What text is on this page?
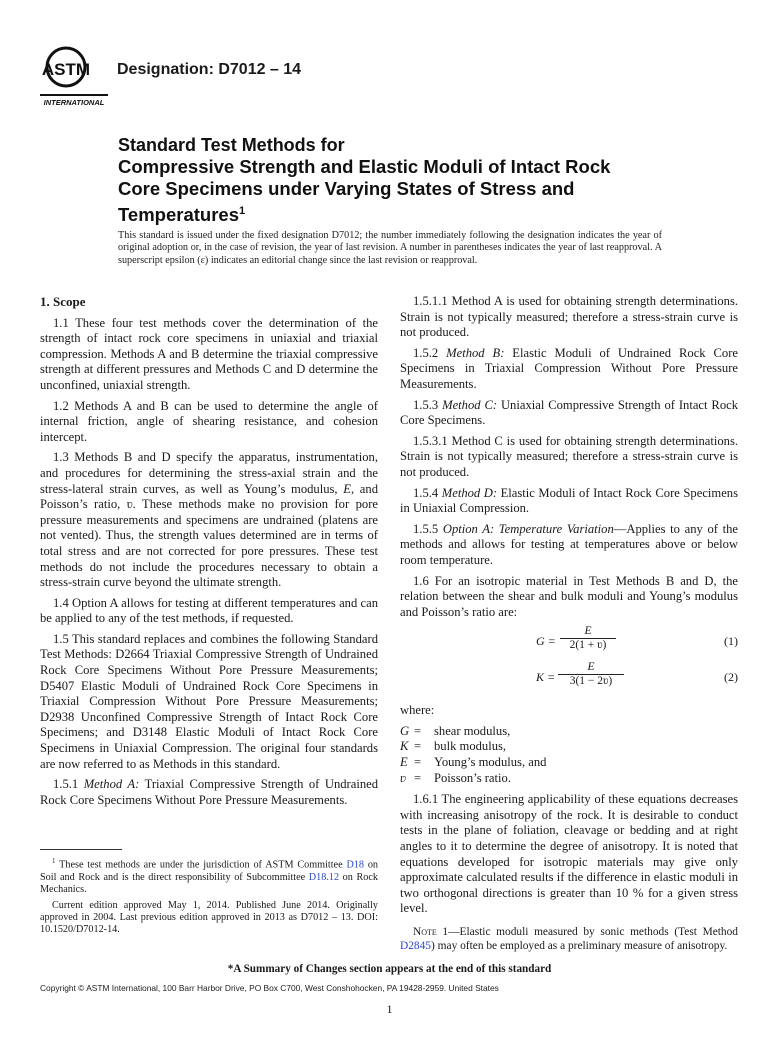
ASTM
INTERNATIONAL
Designation: D7012 – 14
Standard Test Methods for
Compressive Strength and Elastic Moduli of Intact Rock
Core Specimens under Varying States of Stress and
Temperatures$^1$
This standard is issued under the fixed designation D7012; the number immediately following the designation indicates the year of original adoption or, in the case of revision, the year of last revision. A number in parentheses indicates the year of last reapproval. A superscript epsilon (ε) indicates an editorial change since the last revision or reapproval.
1. Scope

1.1 These four test methods cover the determination of the strength of intact rock core specimens in uniaxial and triaxial compression. Methods A and B determine the triaxial compressive strength at different pressures and Methods C and D determine the unconfined, uniaxial strength.

1.2 Methods A and B can be used to determine the angle of internal friction, angle of shearing resistance, and cohesion intercept.

1.3 Methods B and D specify the apparatus, instrumentation, and procedures for determining the stress-axial strain and the stress-lateral strain curves, as well as Young’s modulus, E, and Poisson’s ratio, ʋ. These methods make no provision for pore pressure measurements and specimens are undrained (platens are not vented). Thus, the strength values determined are in terms of total stress and are not corrected for pore pressures. These test methods do not include the procedures necessary to obtain a stress-strain curve beyond the ultimate strength.

1.4 Option A allows for testing at different temperatures and can be applied to any of the test methods, if requested.

1.5 This standard replaces and combines the following Standard Test Methods: D2664 Triaxial Compressive Strength of Undrained Rock Core Specimens Without Pore Pressure Measurements; D5407 Elastic Moduli of Undrained Rock Core Specimens in Triaxial Compression Without Pore Pressure Measurements; D2938 Unconfined Compressive Strength of Intact Rock Core Specimens; and D3148 Elastic Moduli of Intact Rock Core Specimens in Uniaxial Compression. The original four standards are now referred to as Methods in this standard.

1.5.1 Method A: Triaxial Compressive Strength of Undrained Rock Core Specimens Without Pore Pressure Measurements.

$^1$ These test methods are under the jurisdiction of ASTM Committee D18 on Soil and Rock and is the direct responsibility of Subcommittee D18.12 on Rock Mechanics.

Current edition approved May 1, 2014. Published June 2014. Originally approved in 2004. Last previous edition approved in 2013 as D7012 – 13. DOI: 10.1520/D7012-14.

1.5.1.1 Method A is used for obtaining strength determinations. Strain is not typically measured; therefore a stress-strain curve is not produced.

1.5.2 Method B: Elastic Moduli of Undrained Rock Core Specimens in Triaxial Compression Without Pore Pressure Measurements.

1.5.3 Method C: Uniaxial Compressive Strength of Intact Rock Core Specimens.

1.5.3.1 Method C is used for obtaining strength determinations. Strain is not typically measured; therefore a stress-strain curve is not produced.

1.5.4 Method D: Elastic Moduli of Intact Rock Core Specimens in Uniaxial Compression.

1.5.5 Option A: Temperature Variation—Applies to any of the methods and allows for testing at temperatures above or below room temperature.

1.6 For an isotropic material in Test Methods B and D, the relation between the shear and bulk moduli and Young’s modulus and Poisson’s ratio are:

$G = \frac{E}{\text{2(1 + ʋ)}}$	(1)
$K = \frac{E}{\text{3(1 − 2ʋ)}}$	(2)

where:

G =	shear modulus,
K =	bulk modulus,
E =	Young’s modulus, and
ʋ =	Poisson’s ratio.

1.6.1 The engineering applicability of these equations decreases with increasing anisotropy of the rock. It is desirable to conduct tests in the plane of foliation, cleavage or bedding and at right angles to it to determine the degree of anisotropy. It is noted that equations developed for isotropic materials may give only approximate calculated results if the difference in elastic moduli in two orthogonal directions is greater than 10 % for a given stress level.

Note 1—Elastic moduli measured by sonic methods (Test Method D2845) may often be employed as a preliminary measure of anisotropy.

*A Summary of Changes section appears at the end of this standard
Copyright © ASTM International, 100 Barr Harbor Drive, PO Box C700, West Conshohocken, PA 19428-2959. United States
1
